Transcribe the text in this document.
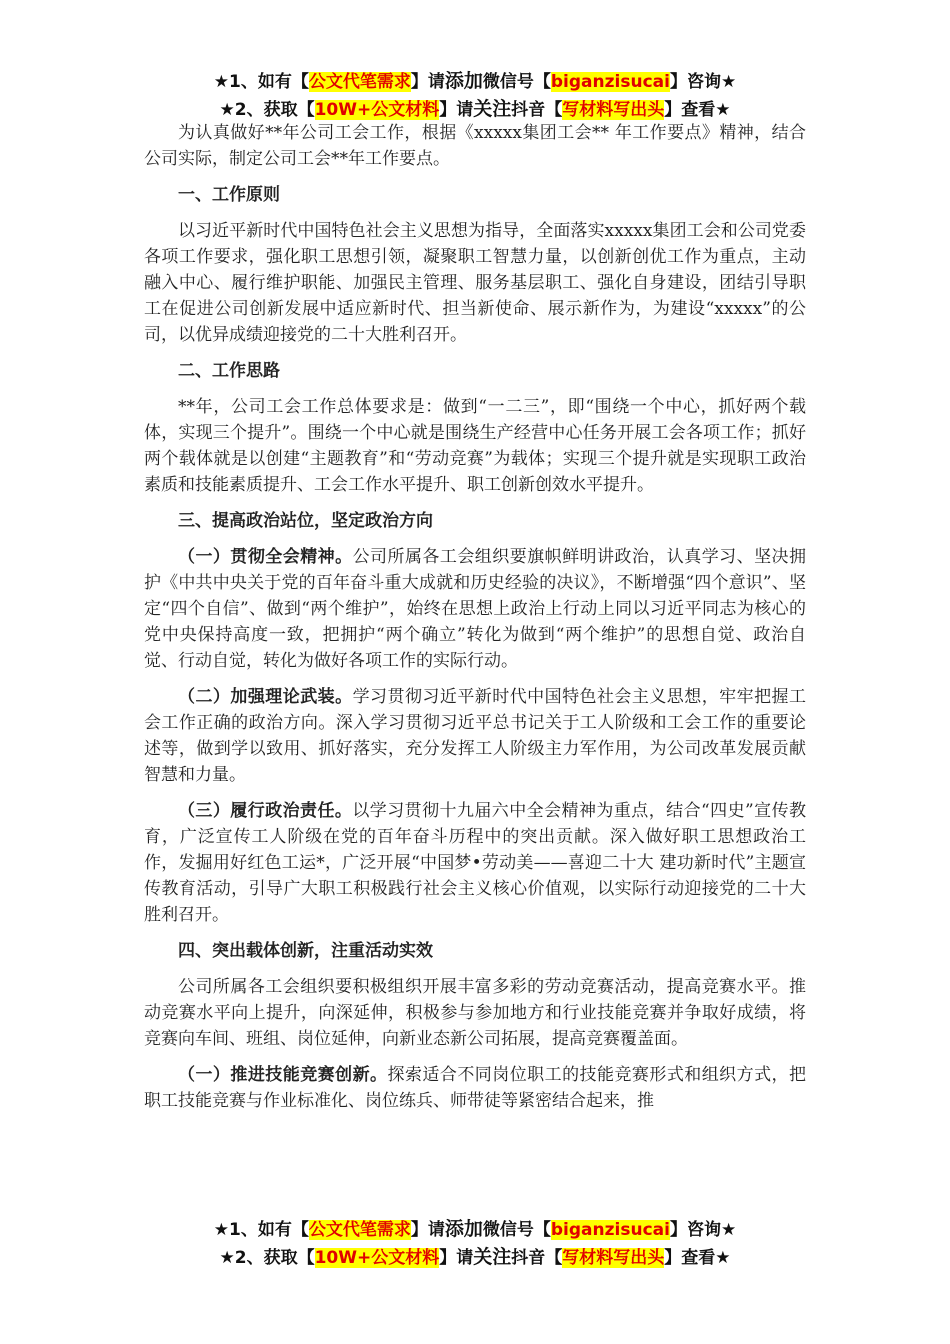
★1、如有【公文代笔需求】请添加微信号【biganzisucai】咨询★
★2、获取【10W+公文材料】请关注抖音【写材料写出头】查看★

为认真做好**年公司工会工作，根据《xxxxx集团工会** 年工作要点》精神，结合公司实际，制定公司工会**年工作要点。

一、工作原则

以习近平新时代中国特色社会主义思想为指导，全面落实xxxxx集团工会和公司党委各项工作要求，强化职工思想引领，凝聚职工智慧力量，以创新创优工作为重点，主动融入中心、履行维护职能、加强民主管理、服务基层职工、强化自身建设，团结引导职工在促进公司创新发展中适应新时代、担当新使命、展示新作为，为建设“xxxxx”的公司，以优异成绩迎接党的二十大胜利召开。

二、工作思路

**年，公司工会工作总体要求是：做到“一二三”，即“围绕一个中心，抓好两个载体，实现三个提升”。围绕一个中心就是围绕生产经营中心任务开展工会各项工作；抓好两个载体就是以创建“主题教育”和“劳动竞赛”为载体；实现三个提升就是实现职工政治素质和技能素质提升、工会工作水平提升、职工创新创效水平提升。

三、提高政治站位，坚定政治方向

（一）贯彻全会精神。公司所属各工会组织要旗帜鲜明讲政治，认真学习、坚决拥护《中共中央关于党的百年奋斗重大成就和历史经验的决议》，不断增强“四个意识”、坚定“四个自信”、做到“两个维护”，始终在思想上政治上行动上同以习近平同志为核心的党中央保持高度一致，把拥护“两个确立”转化为做到“两个维护”的思想自觉、政治自觉、行动自觉，转化为做好各项工作的实际行动。

（二）加强理论武装。学习贯彻习近平新时代中国特色社会主义思想，牢牢把握工会工作正确的政治方向。深入学习贯彻习近平总书记关于工人阶级和工会工作的重要论述等，做到学以致用、抓好落实，充分发挥工人阶级主力军作用，为公司改革发展贡献智慧和力量。

（三）履行政治责任。以学习贯彻十九届六中全会精神为重点，结合“四史”宣传教育，广泛宣传工人阶级在党的百年奋斗历程中的突出贡献。深入做好职工思想政治工作，发掘用好红色工运*，广泛开展“中国梦•劳动美——喜迎二十大 建功新时代”主题宣传教育活动，引导广大职工积极践行社会主义核心价值观，以实际行动迎接党的二十大胜利召开。

四、突出载体创新，注重活动实效

公司所属各工会组织要积极组织开展丰富多彩的劳动竞赛活动，提高竞赛水平。推动竞赛水平向上提升，向深延伸，积极参与参加地方和行业技能竞赛并争取好成绩，将竞赛向车间、班组、岗位延伸，向新业态新公司拓展，提高竞赛覆盖面。

（一）推进技能竞赛创新。探索适合不同岗位职工的技能竞赛形式和组织方式，把职工技能竞赛与作业标准化、岗位练兵、师带徒等紧密结合起来，推

★1、如有【公文代笔需求】请添加微信号【biganzisucai】咨询★
★2、获取【10W+公文材料】请关注抖音【写材料写出头】查看★
